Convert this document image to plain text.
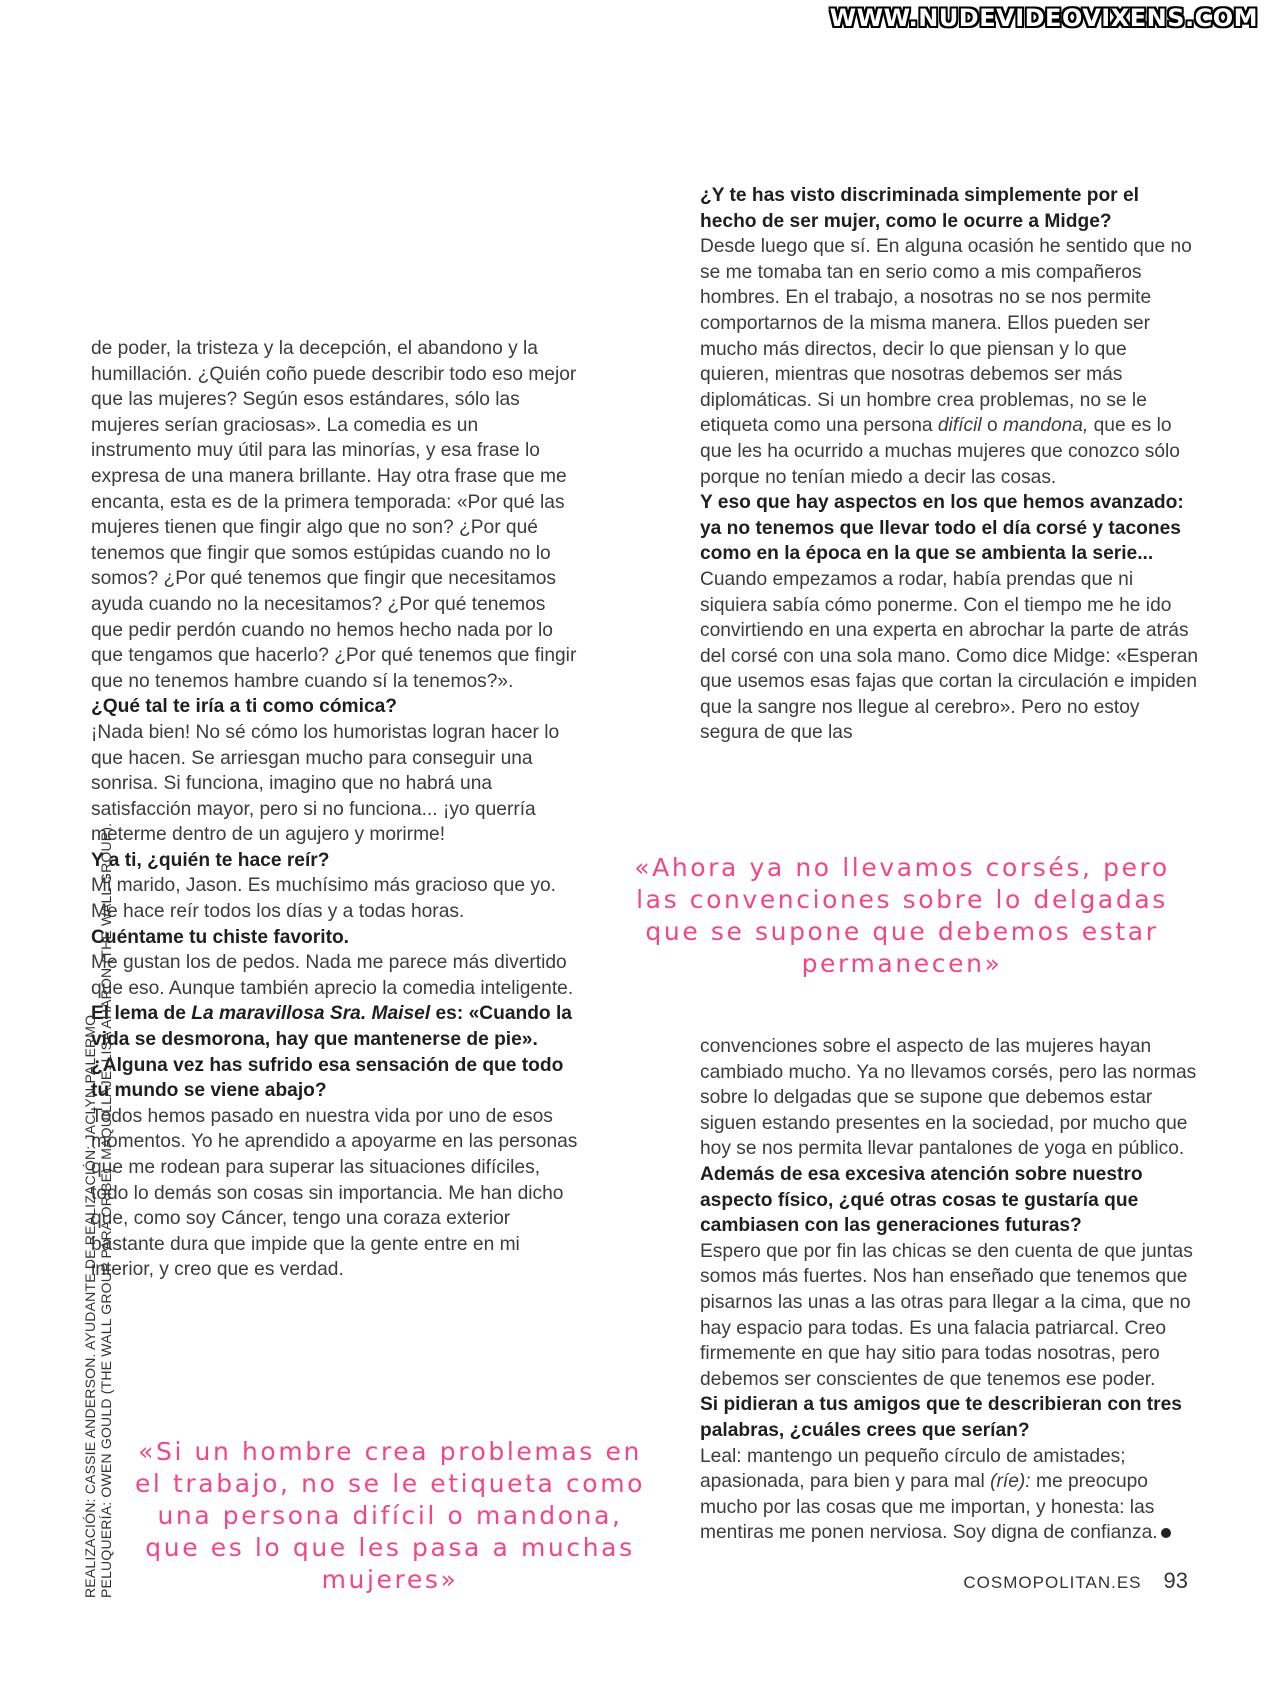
WWW.NUDEVIDEOVIXENS.COM

de poder, la tristeza y la decepción, el abandono y la humillación. ¿Quién coño puede describir todo eso mejor que las mujeres? Según esos estándares, sólo las mujeres serían graciosas». La comedia es un instrumento muy útil para las minorías, y esa frase lo expresa de una manera brillante. Hay otra frase que me encanta, esta es de la primera temporada: «Por qué las mujeres tienen que fingir algo que no son? ¿Por qué tenemos que fingir que somos estúpidas cuando no lo somos? ¿Por qué tenemos que fingir que necesitamos ayuda cuando no la necesitamos? ¿Por qué tenemos que pedir perdón cuando no hemos hecho nada por lo que tengamos que hacerlo? ¿Por qué tenemos que fingir que no tenemos hambre cuando sí la tenemos?».

¿Qué tal te iría a ti como cómica?

¡Nada bien! No sé cómo los humoristas logran hacer lo que hacen. Se arriesgan mucho para conseguir una sonrisa. Si funciona, imagino que no habrá una satisfacción mayor, pero si no funciona... ¡yo querría meterme dentro de un agujero y morirme!

Y a ti, ¿quién te hace reír?

Mi marido, Jason. Es muchísimo más gracioso que yo. Me hace reír todos los días y a todas horas.

Cuéntame tu chiste favorito.

Me gustan los de pedos. Nada me parece más divertido que eso. Aunque también aprecio la comedia inteligente.

El lema de La maravillosa Sra. Maisel es: «Cuando la vida se desmorona, hay que mantenerse de pie». ¿Alguna vez has sufrido esa sensación de que todo tu mundo se viene abajo?

Todos hemos pasado en nuestra vida por uno de esos momentos. Yo he aprendido a apoyarme en las personas que me rodean para superar las situaciones difíciles, todo lo demás son cosas sin importancia. Me han dicho que, como soy Cáncer, tengo una coraza exterior bastante dura que impide que la gente entre en mi interior, y creo que es verdad.

¿Y te has visto discriminada simplemente por el hecho de ser mujer, como le ocurre a Midge?

Desde luego que sí. En alguna ocasión he sentido que no se me tomaba tan en serio como a mis compañeros hombres. En el trabajo, a nosotras no se nos permite comportarnos de la misma manera. Ellos pueden ser mucho más directos, decir lo que piensan y lo que quieren, mientras que nosotras debemos ser más diplomáticas. Si un hombre crea problemas, no se le etiqueta como una persona difícil o mandona, que es lo que les ha ocurrido a muchas mujeres que conozco sólo porque no tenían miedo a decir las cosas.

Y eso que hay aspectos en los que hemos avanzado: ya no tenemos que llevar todo el día corsé y tacones como en la época en la que se ambienta la serie...

Cuando empezamos a rodar, había prendas que ni siquiera sabía cómo ponerme. Con el tiempo me he ido convirtiendo en una experta en abrochar la parte de atrás del corsé con una sola mano. Como dice Midge: «Esperan que usemos esas fajas que cortan la circulación e impiden que la sangre nos llegue al cerebro». Pero no estoy segura de que las

«Ahora ya no llevamos corsés, pero las convenciones sobre lo delgadas que se supone que debemos estar permanecen»

convenciones sobre el aspecto de las mujeres hayan cambiado mucho. Ya no llevamos corsés, pero las normas sobre lo delgadas que se supone que debemos estar siguen estando presentes en la sociedad, por mucho que hoy se nos permita llevar pantalones de yoga en público.

Además de esa excesiva atención sobre nuestro aspecto físico, ¿qué otras cosas te gustaría que cambiasen con las generaciones futuras?

Espero que por fin las chicas se den cuenta de que juntas somos más fuertes. Nos han enseñado que tenemos que pisarnos las unas a las otras para llegar a la cima, que no hay espacio para todas. Es una falacia patriarcal. Creo firmemente en que hay sitio para todas nosotras, pero debemos ser conscientes de que tenemos ese poder.

Si pidieran a tus amigos que te describieran con tres palabras, ¿cuáles crees que serían?

Leal: mantengo un pequeño círculo de amistades; apasionada, para bien y para mal (ríe): me preocupo mucho por las cosas que me importan, y honesta: las mentiras me ponen nerviosa. Soy digna de confianza.

«Si un hombre crea problemas en el trabajo, no se le etiqueta como una persona difícil o mandona, que es lo que les pasa a muchas mujeres»
REALIZACIÓN: CASSIE ANDERSON. AYUDANTE DE REALIZACIÓN: JACLYN PALERMO. PELUQUERÍA: OWEN GOULD (THE WALL GROUP PARA ORIBE). MAQUILLAJE: LISA AHARON (THE WALL GROUP).	COSMOPOLITAN.ES 93
